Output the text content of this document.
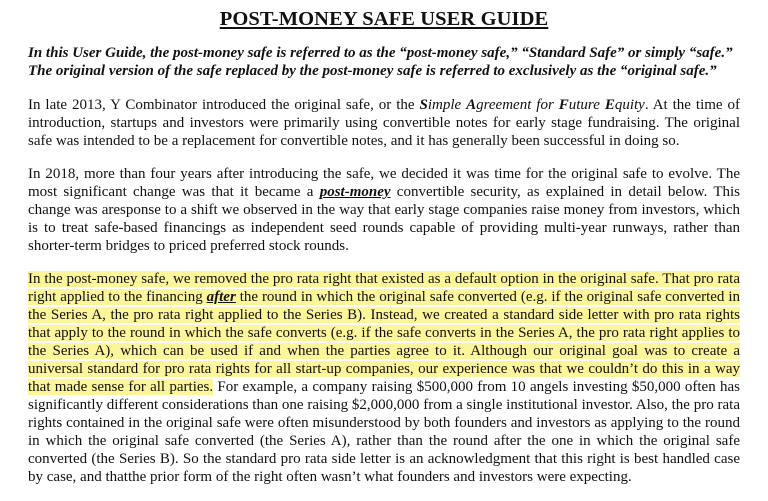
POST-MONEY SAFE USER GUIDE

In this User Guide, the post-money safe is referred to as the “post-money safe,” “Standard Safe” or simply “safe.” The original version of the safe replaced by the post-money safe is referred to exclusively as the “original safe.”

In late 2013, Y Combinator introduced the original safe, or the Simple Agreement for Future Equity. At the time of introduction, startups and investors were primarily using convertible notes for early stage fundraising. The original safe was intended to be a replacement for convertible notes, and it has generally been successful in doing so.

In 2018, more than four years after introducing the safe, we decided it was time for the original safe to evolve. The most significant change was that it became a post-money convertible security, as explained in detail below. This change was aresponse to a shift we observed in the way that early stage companies raise money from investors, which is to treat safe-based financings as independent seed rounds capable of providing multi-year runways, rather than shorter-term bridges to priced preferred stock rounds.

In the post-money safe, we removed the pro rata right that existed as a default option in the original safe. That pro rata right applied to the financing after the round in which the original safe converted (e.g. if the original safe converted in the Series A, the pro rata right applied to the Series B). Instead, we created a standard side letter with pro rata rights that apply to the round in which the safe converts (e.g. if the safe converts in the Series A, the pro rata right applies to the Series A), which can be used if and when the parties agree to it. Although our original goal was to create a universal standard for pro rata rights for all start-up companies, our experience was that we couldn’t do this in a way that made sense for all parties. For example, a company raising $500,000 from 10 angels investing $50,000 often has significantly different considerations than one raising $2,000,000 from a single institutional investor. Also, the pro rata rights contained in the original safe were often misunderstood by both founders and investors as applying to the round in which the original safe converted (the Series A), rather than the round after the one in which the original safe converted (the Series B). So the standard pro rata side letter is an acknowledgment that this right is best handled case by case, and thatthe prior form of the right often wasn’t what founders and investors were expecting.
